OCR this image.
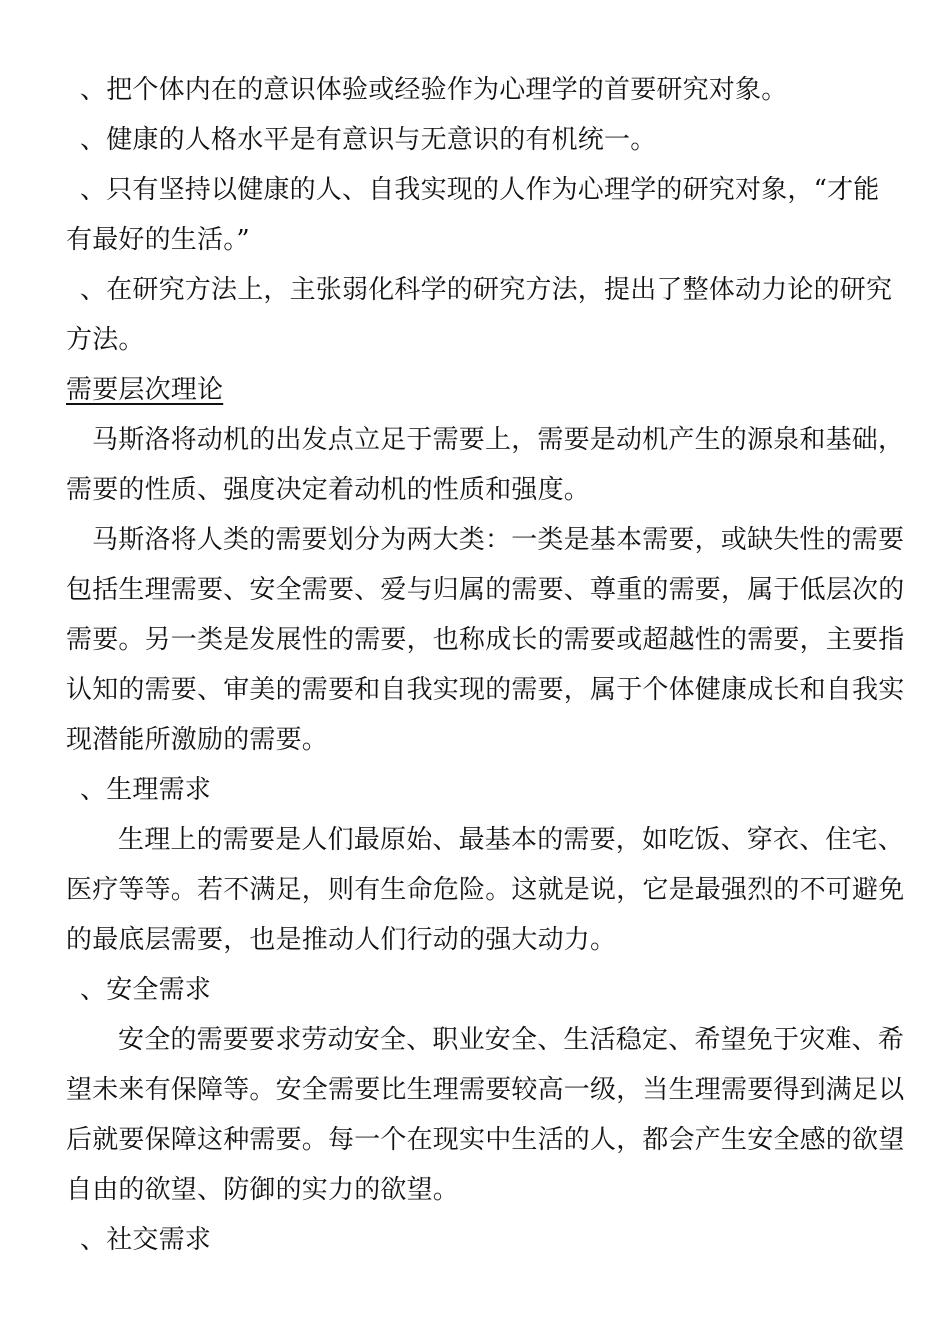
、把个体内在的意识体验或经验作为心理学的首要研究对象。
、健康的人格水平是有意识与无意识的有机统一。
、只有坚持以健康的人、自我实现的人作为心理学的研究对象，“才能
有最好的生活。”
、在研究方法上，主张弱化科学的研究方法，提出了整体动力论的研究
方法。
需要层次理论
马斯洛将动机的出发点立足于需要上，需要是动机产生的源泉和基础，
需要的性质、强度决定着动机的性质和强度。
马斯洛将人类的需要划分为两大类：一类是基本需要，或缺失性的需要
包括生理需要、安全需要、爱与归属的需要、尊重的需要，属于低层次的
需要。另一类是发展性的需要，也称成长的需要或超越性的需要，主要指
认知的需要、审美的需要和自我实现的需要，属于个体健康成长和自我实
现潜能所激励的需要。
、生理需求
生理上的需要是人们最原始、最基本的需要，如吃饭、穿衣、住宅、
医疗等等。若不满足，则有生命危险。这就是说，它是最强烈的不可避免
的最底层需要，也是推动人们行动的强大动力。
、安全需求
安全的需要要求劳动安全、职业安全、生活稳定、希望免于灾难、希
望未来有保障等。安全需要比生理需要较高一级，当生理需要得到满足以
后就要保障这种需要。每一个在现实中生活的人，都会产生安全感的欲望
自由的欲望、防御的实力的欲望。
、社交需求
